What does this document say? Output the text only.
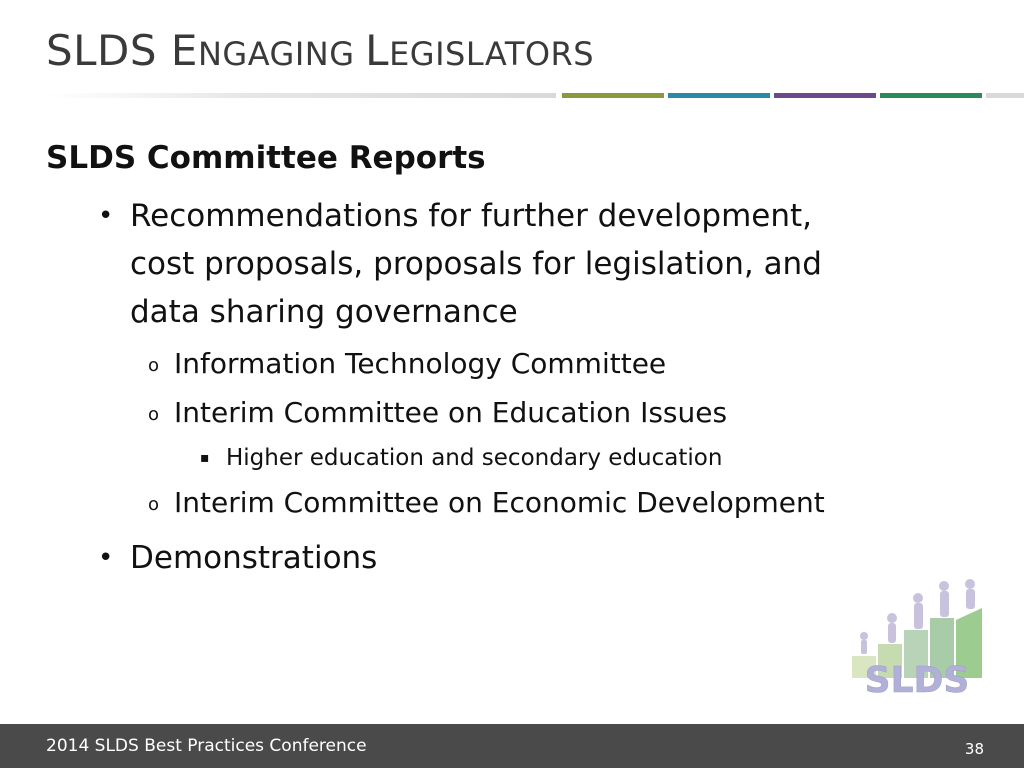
SLDS ENGAGING LEGISLATORS
SLDS Committee Reports
• Recommendations for further development, cost proposals, proposals for legislation, and data sharing governance
o Information Technology Committee
o Interim Committee on Education Issues
▪ Higher education and secondary education
o Interim Committee on Economic Development
• Demonstrations
SLDS
2014 SLDS Best Practices Conference	38
